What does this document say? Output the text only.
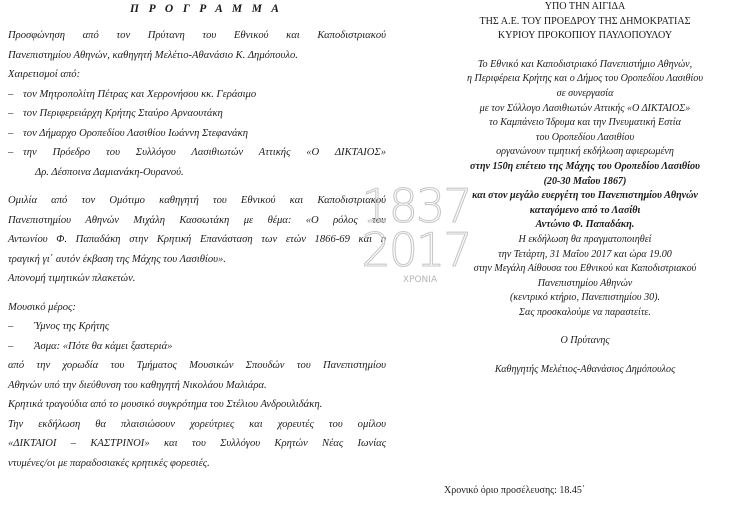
Π Ρ Ο Γ Ρ Α Μ Μ Α
Προσφώνηση από τον Πρύτανη του Εθνικού και Καποδιστριακού
Πανεπιστημίου Αθηνών, καθηγητή Μελέτιο-Αθανάσιο Κ. Δημόπουλο.
Χαιρετισμοί από:
– τον Μητροπολίτη Πέτρας και Χερρονήσου κκ. Γεράσιμο
– τον Περιφερειάρχη Κρήτης Σταύρο Αρναουτάκη
– τον Δήμαρχο Οροπεδίου Λασιθίου Ιωάννη Στεφανάκη
– την Πρόεδρο του Συλλόγου Λασιθιωτών Αττικής «Ο ΔΙΚΤΑΙΟΣ»
Δρ. Δέσποινα Δαμιανάκη-Ουρανού.
Ομιλία από τον Ομότιμο καθηγητή του Εθνικού και Καποδιστριακού
Πανεπιστημίου Αθηνών Μιχάλη Κασσωτάκη με θέμα: «Ο ρόλος του
Αντωνίου Φ. Παπαδάκη στην Κρητική Επανάσταση των ετών 1866-69 και η
τραγική γι΄ αυτόν έκβαση της Μάχης του Λασιθίου».
Απονομή τιμητικών πλακετών.
Μουσικό μέρος:
–	Ύμνος της Κρήτης
–	Άσμα: «Πότε θα κάμει ξαστεριά»
από την χορωδία του Τμήματος Μουσικών Σπουδών του Πανεπιστημίου
Αθηνών υπό την διεύθυνση του καθηγητή Νικολάου Μαλιάρα.
Κρητικά τραγούδια από το μουσικό συγκρότημα του Στέλιου Ανδρουλιδάκη.
Την εκδήλωση θα πλαισιώσουν χορεύτριες και χορευτές του ομίλου
«ΔΙΚΤΑΙΟΙ – ΚΑΣΤΡΙΝΟΙ» και του Συλλόγου Κρητών Νέας Ιωνίας
ντυμένες/οι με παραδοσιακές κρητικές φορεσιές.
1837
2017
ΧΡΟΝΙΑ
ΥΠΟ ΤΗΝ ΑΙΓΙΔΑ
ΤΗΣ Α.Ε. ΤΟΥ ΠΡΟΕΔΡΟΥ ΤΗΣ ΔΗΜΟΚΡΑΤΙΑΣ
ΚΥΡΙΟΥ ΠΡΟΚΟΠΙΟΥ ΠΑΥΛΟΠΟΥΛΟΥ
Το Εθνικό και Καποδιστριακό Πανεπιστήμιο Αθηνών,
η Περιφέρεια Κρήτης και ο Δήμος του Οροπεδίου Λασιθίου
σε συνεργασία
με τον Σύλλογο Λασιθιωτών Αττικής «Ο ΔΙΚΤΑΙΟΣ»
το Καμπάνειο Ίδρυμα και την Πνευματική Εστία
του Οροπεδίου Λασιθίου
οργανώνουν τιμητική εκδήλωση αφιερωμένη
στην 150η επέτειο της Μάχης του Οροπεδίου Λασιθίου
(20-30 Μαΐου 1867)
και στον μεγάλο ευεργέτη του Πανεπιστημίου Αθηνών
καταγόμενο από το Λασίθι
Αντώνιο Φ. Παπαδάκη.
Η εκδήλωση θα πραγματοποιηθεί
την Τετάρτη, 31 Μαΐου 2017 και ώρα 19.00
στην Μεγάλη Αίθουσα του Εθνικού και Καποδιστριακού
Πανεπιστημίου Αθηνών
(κεντρικό κτήριο, Πανεπιστημίου 30).
Σας προσκαλούμε να παραστείτε.
Ο Πρύτανης
Καθηγητής Μελέτιος-Αθανάσιος Δημόπουλος
Χρονικό όριο προσέλευσης: 18.45΄
